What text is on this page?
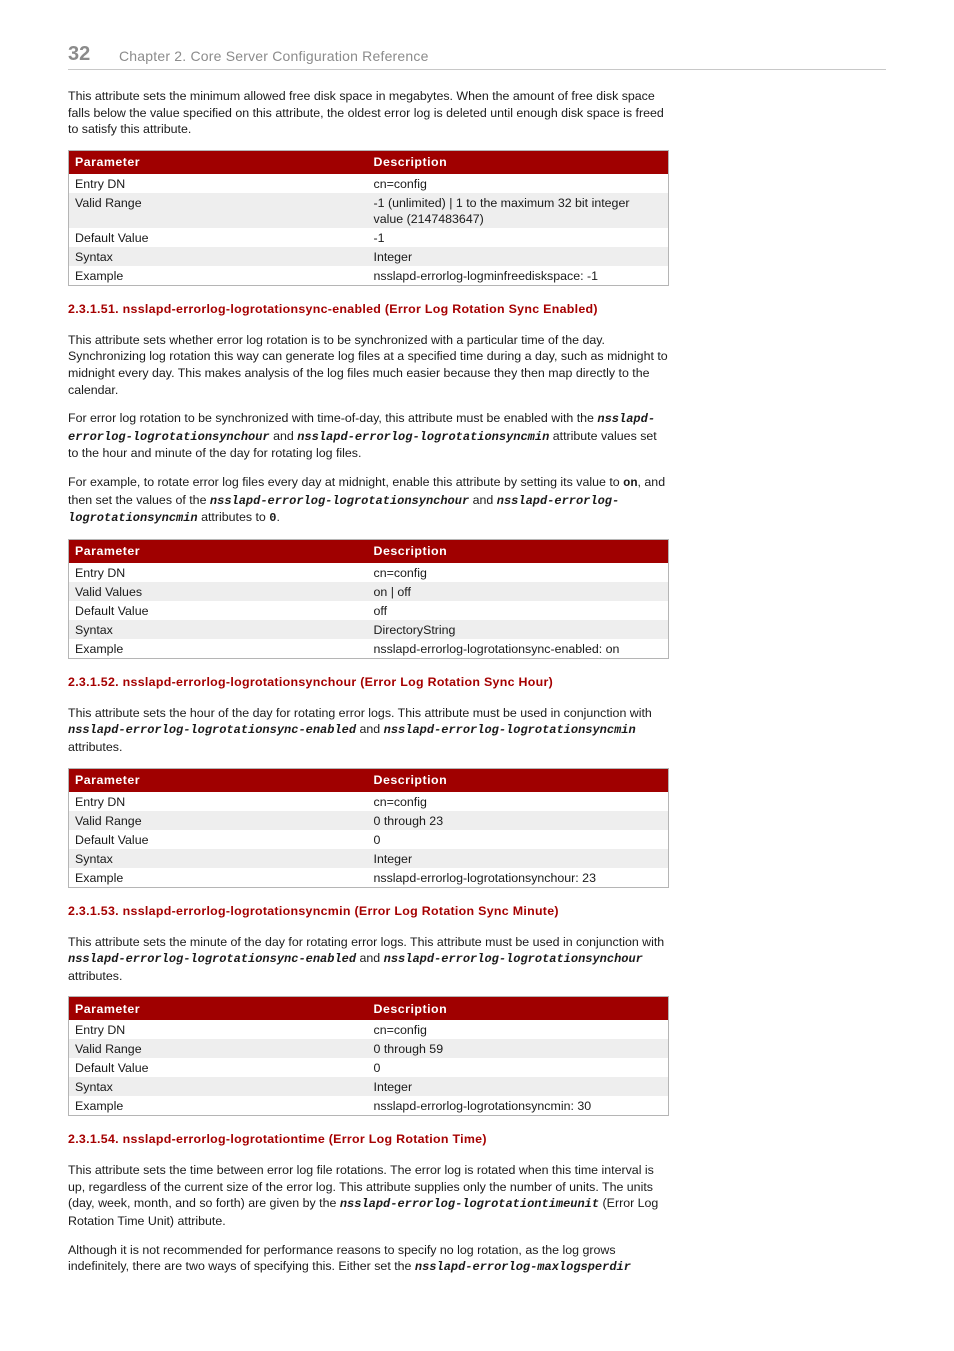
32 Chapter 2. Core Server Configuration Reference

This attribute sets the minimum allowed free disk space in megabytes. When the amount of free disk space falls below the value specified on this attribute, the oldest error log is deleted until enough disk space is freed to satisfy this attribute.

Parameter	Description
Entry DN	cn=config
Valid Range	-1 (unlimited) | 1 to the maximum 32 bit integer value (2147483647)
Default Value	-1
Syntax	Integer
Example	nsslapd-errorlog-logminfreediskspace: -1
2.3.1.51. nsslapd-errorlog-logrotationsync-enabled (Error Log Rotation Sync Enabled)

This attribute sets whether error log rotation is to be synchronized with a particular time of the day. Synchronizing log rotation this way can generate log files at a specified time during a day, such as midnight to midnight every day. This makes analysis of the log files much easier because they then map directly to the calendar.

For error log rotation to be synchronized with time-of-day, this attribute must be enabled with the nsslapd-errorlog-logrotationsynchour and nsslapd-errorlog-logrotationsyncmin attribute values set to the hour and minute of the day for rotating log files.

For example, to rotate error log files every day at midnight, enable this attribute by setting its value to on, and then set the values of the nsslapd-errorlog-logrotationsynchour and nsslapd-errorlog-logrotationsyncmin attributes to 0.

Parameter	Description
Entry DN	cn=config
Valid Values	on | off
Default Value	off
Syntax	DirectoryString
Example	nsslapd-errorlog-logrotationsync-enabled: on
2.3.1.52. nsslapd-errorlog-logrotationsynchour (Error Log Rotation Sync Hour)

This attribute sets the hour of the day for rotating error logs. This attribute must be used in conjunction with nsslapd-errorlog-logrotationsync-enabled and nsslapd-errorlog-logrotationsyncmin attributes.

Parameter	Description
Entry DN	cn=config
Valid Range	0 through 23
Default Value	0
Syntax	Integer
Example	nsslapd-errorlog-logrotationsynchour: 23
2.3.1.53. nsslapd-errorlog-logrotationsyncmin (Error Log Rotation Sync Minute)

This attribute sets the minute of the day for rotating error logs. This attribute must be used in conjunction with nsslapd-errorlog-logrotationsync-enabled and nsslapd-errorlog-logrotationsynchour attributes.

Parameter	Description
Entry DN	cn=config
Valid Range	0 through 59
Default Value	0
Syntax	Integer
Example	nsslapd-errorlog-logrotationsyncmin: 30
2.3.1.54. nsslapd-errorlog-logrotationtime (Error Log Rotation Time)

This attribute sets the time between error log file rotations. The error log is rotated when this time interval is up, regardless of the current size of the error log. This attribute supplies only the number of units. The units (day, week, month, and so forth) are given by the nsslapd-errorlog-logrotationtimeunit (Error Log Rotation Time Unit) attribute.

Although it is not recommended for performance reasons to specify no log rotation, as the log grows indefinitely, there are two ways of specifying this. Either set the nsslapd-errorlog-maxlogsperdir
